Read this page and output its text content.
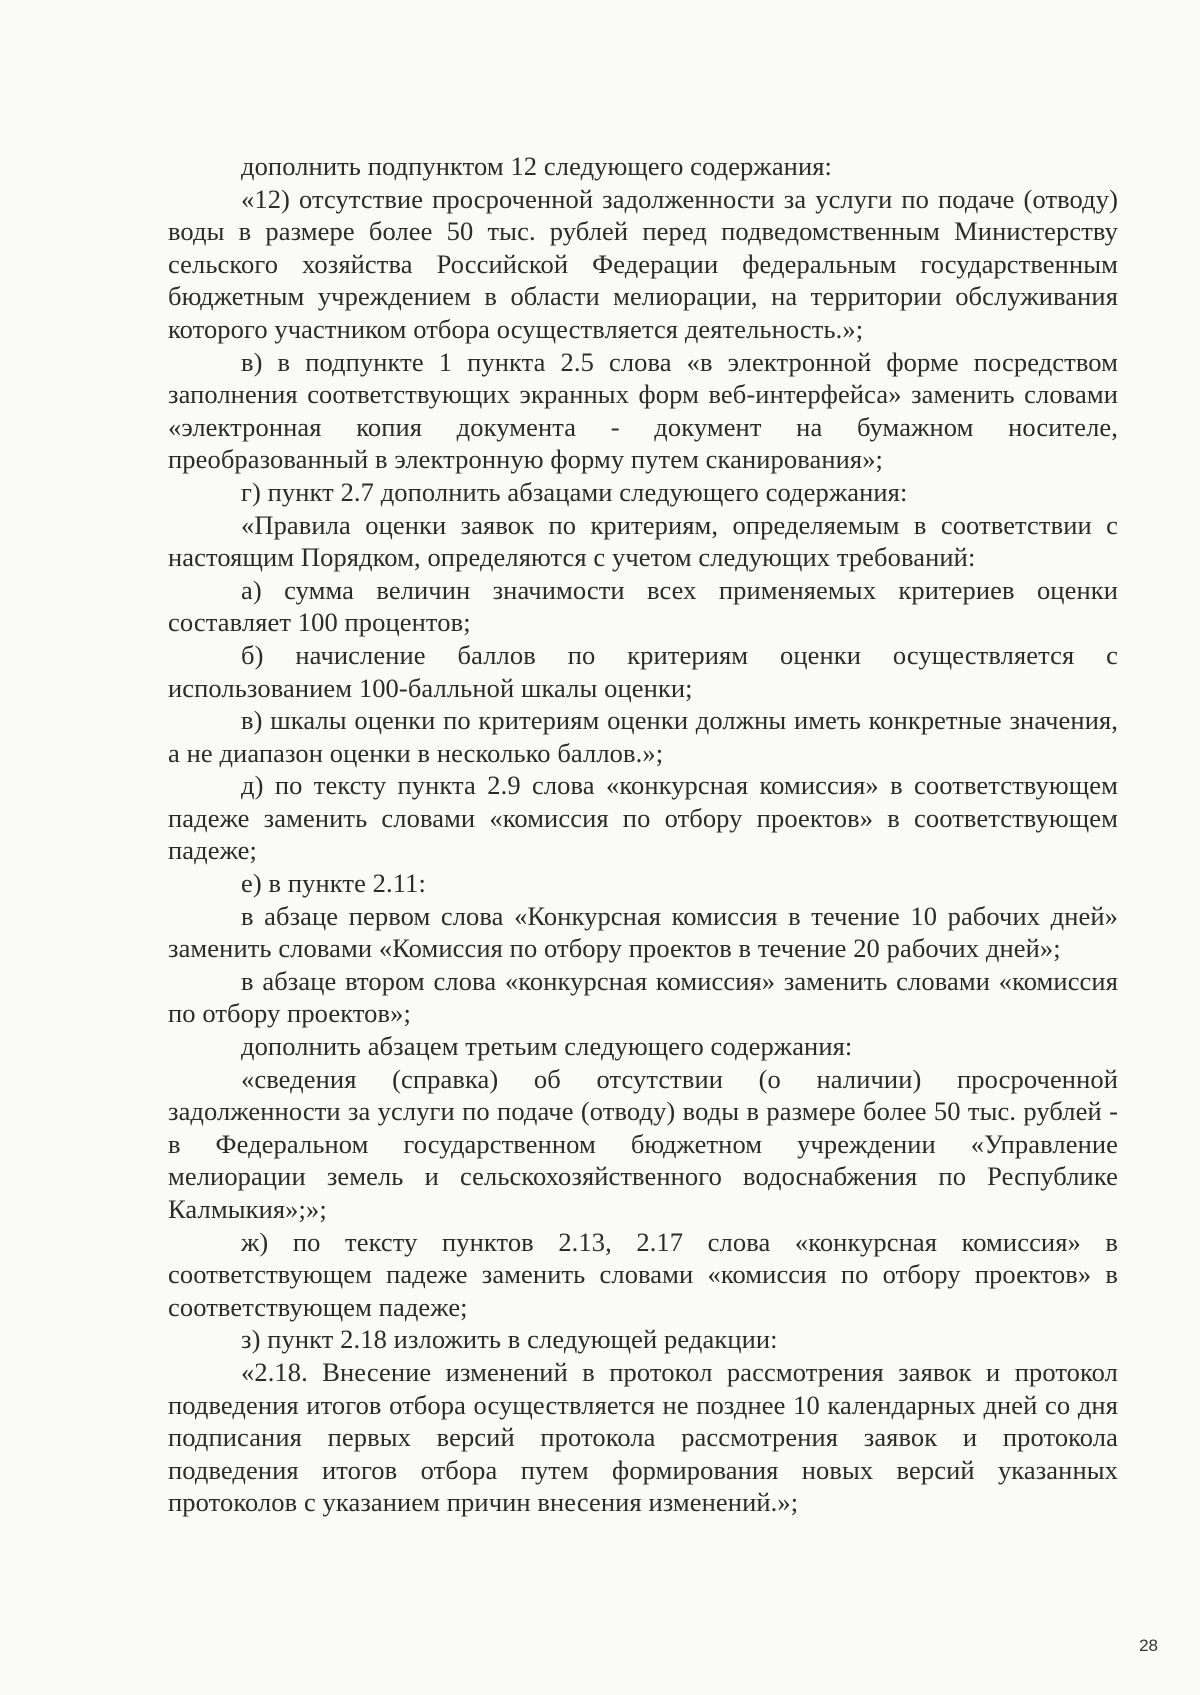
дополнить подпунктом 12 следующего содержания:

«12) отсутствие просроченной задолженности за услуги по подаче (отводу) воды в размере более 50 тыс. рублей перед подведомственным Министерству сельского хозяйства Российской Федерации федеральным государственным бюджетным учреждением в области мелиорации, на территории обслуживания которого участником отбора осуществляется деятельность.»;

в) в подпункте 1 пункта 2.5 слова «в электронной форме посредством заполнения соответствующих экранных форм веб-интерфейса» заменить словами «электронная копия документа - документ на бумажном носителе, преобразованный в электронную форму путем сканирования»;

г) пункт 2.7 дополнить абзацами следующего содержания:

«Правила оценки заявок по критериям, определяемым в соответствии с настоящим Порядком, определяются с учетом следующих требований:

а) сумма величин значимости всех применяемых критериев оценки составляет 100 процентов;

б) начисление баллов по критериям оценки осуществляется с использованием 100-балльной шкалы оценки;

в) шкалы оценки по критериям оценки должны иметь конкретные значения, а не диапазон оценки в несколько баллов.»;

д) по тексту пункта 2.9 слова «конкурсная комиссия» в соответствующем падеже заменить словами «комиссия по отбору проектов» в соответствующем падеже;

е) в пункте 2.11:

в абзаце первом слова «Конкурсная комиссия в течение 10 рабочих дней» заменить словами «Комиссия по отбору проектов в течение 20 рабочих дней»;

в абзаце втором слова «конкурсная комиссия» заменить словами «комиссия по отбору проектов»;

дополнить абзацем третьим следующего содержания:

«сведения (справка) об отсутствии (о наличии) просроченной задолженности за услуги по подаче (отводу) воды в размере более 50 тыс. рублей - в Федеральном государственном бюджетном учреждении «Управление мелиорации земель и сельскохозяйственного водоснабжения по Республике Калмыкия»;»;

ж) по тексту пунктов 2.13, 2.17 слова «конкурсная комиссия» в соответствующем падеже заменить словами «комиссия по отбору проектов» в соответствующем падеже;

з) пункт 2.18 изложить в следующей редакции:

«2.18. Внесение изменений в протокол рассмотрения заявок и протокол подведения итогов отбора осуществляется не позднее 10 календарных дней со дня подписания первых версий протокола рассмотрения заявок и протокола подведения итогов отбора путем формирования новых версий указанных протоколов с указанием причин внесения изменений.»;

28
